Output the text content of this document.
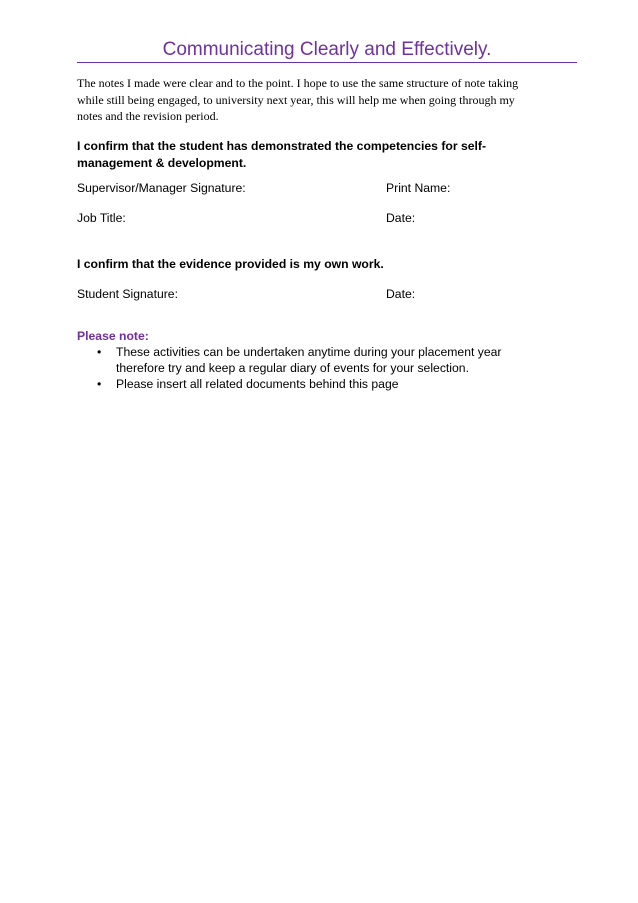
Communicating Clearly and Effectively.
The notes I made were clear and to the point. I hope to use the same structure of note taking
while still being engaged, to university next year, this will help me when going through my
notes and the revision period.
I confirm that the student has demonstrated the competencies for self-
management & development.
Supervisor/Manager Signature:	Print Name:
Job Title:	Date:
I confirm that the evidence provided is my own work.
Student Signature:	Date:
Please note:
• These activities can be undertaken anytime during your placement year
therefore try and keep a regular diary of events for your selection.
• Please insert all related documents behind this page
